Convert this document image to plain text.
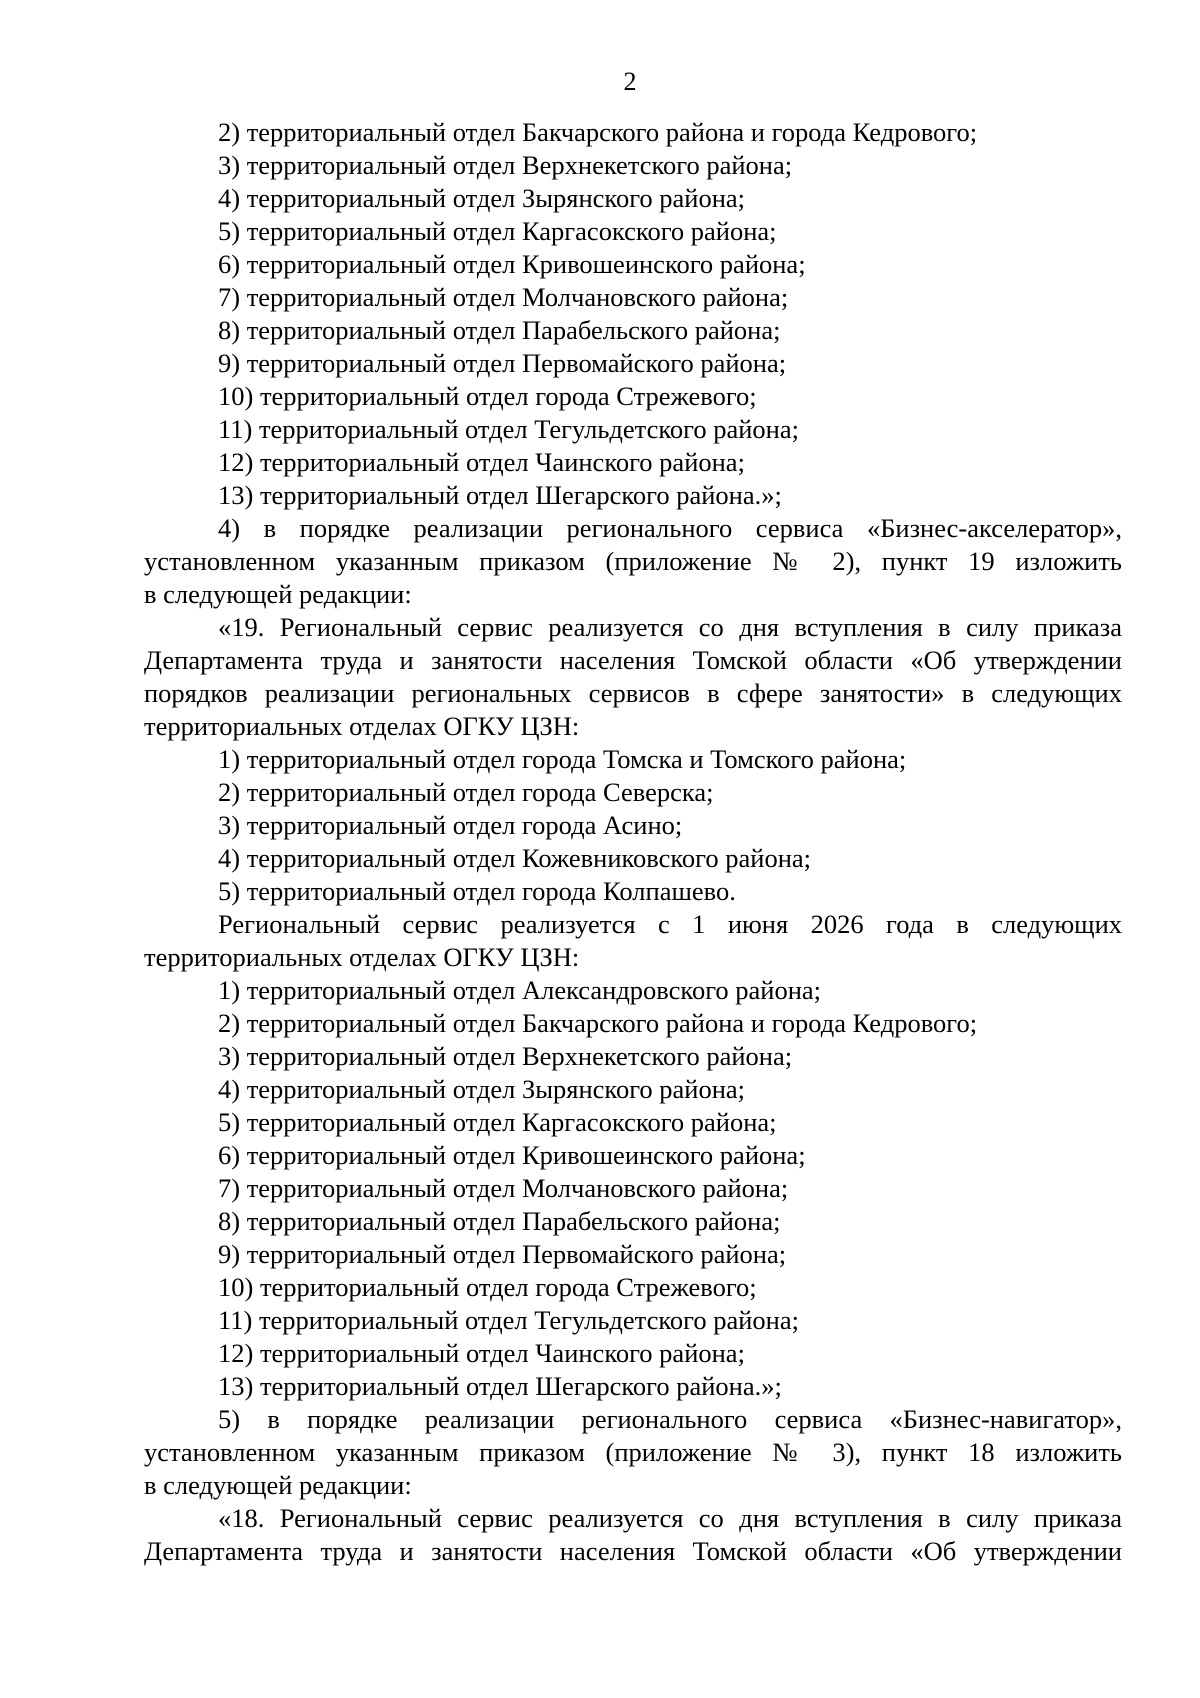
2
2) территориальный отдел Бакчарского района и города Кедрового;
3) территориальный отдел Верхнекетского района;
4) территориальный отдел Зырянского района;
5) территориальный отдел Каргасокского района;
6) территориальный отдел Кривошеинского района;
7) территориальный отдел Молчановского района;
8) территориальный отдел Парабельского района;
9) территориальный отдел Первомайского района;
10) территориальный отдел города Стрежевого;
11) территориальный отдел Тегульдетского района;
12) территориальный отдел Чаинского района;
13) территориальный отдел Шегарского района.»;
4) в порядке реализации регионального сервиса «Бизнес-акселератор»,
установленном указанным приказом (приложение № 2), пункт 19 изложить
в следующей редакции:
«19. Региональный сервис реализуется со дня вступления в силу приказа
Департамента труда и занятости населения Томской области «Об утверждении
порядков реализации региональных сервисов в сфере занятости» в следующих
территориальных отделах ОГКУ ЦЗН:
1) территориальный отдел города Томска и Томского района;
2) территориальный отдел города Северска;
3) территориальный отдел города Асино;
4) территориальный отдел Кожевниковского района;
5) территориальный отдел города Колпашево.
Региональный сервис реализуется с 1 июня 2026 года в следующих
территориальных отделах ОГКУ ЦЗН:
1) территориальный отдел Александровского района;
2) территориальный отдел Бакчарского района и города Кедрового;
3) территориальный отдел Верхнекетского района;
4) территориальный отдел Зырянского района;
5) территориальный отдел Каргасокского района;
6) территориальный отдел Кривошеинского района;
7) территориальный отдел Молчановского района;
8) территориальный отдел Парабельского района;
9) территориальный отдел Первомайского района;
10) территориальный отдел города Стрежевого;
11) территориальный отдел Тегульдетского района;
12) территориальный отдел Чаинского района;
13) территориальный отдел Шегарского района.»;
5) в порядке реализации регионального сервиса «Бизнес-навигатор»,
установленном указанным приказом (приложение № 3), пункт 18 изложить
в следующей редакции:
«18. Региональный сервис реализуется со дня вступления в силу приказа
Департамента труда и занятости населения Томской области «Об утверждении
